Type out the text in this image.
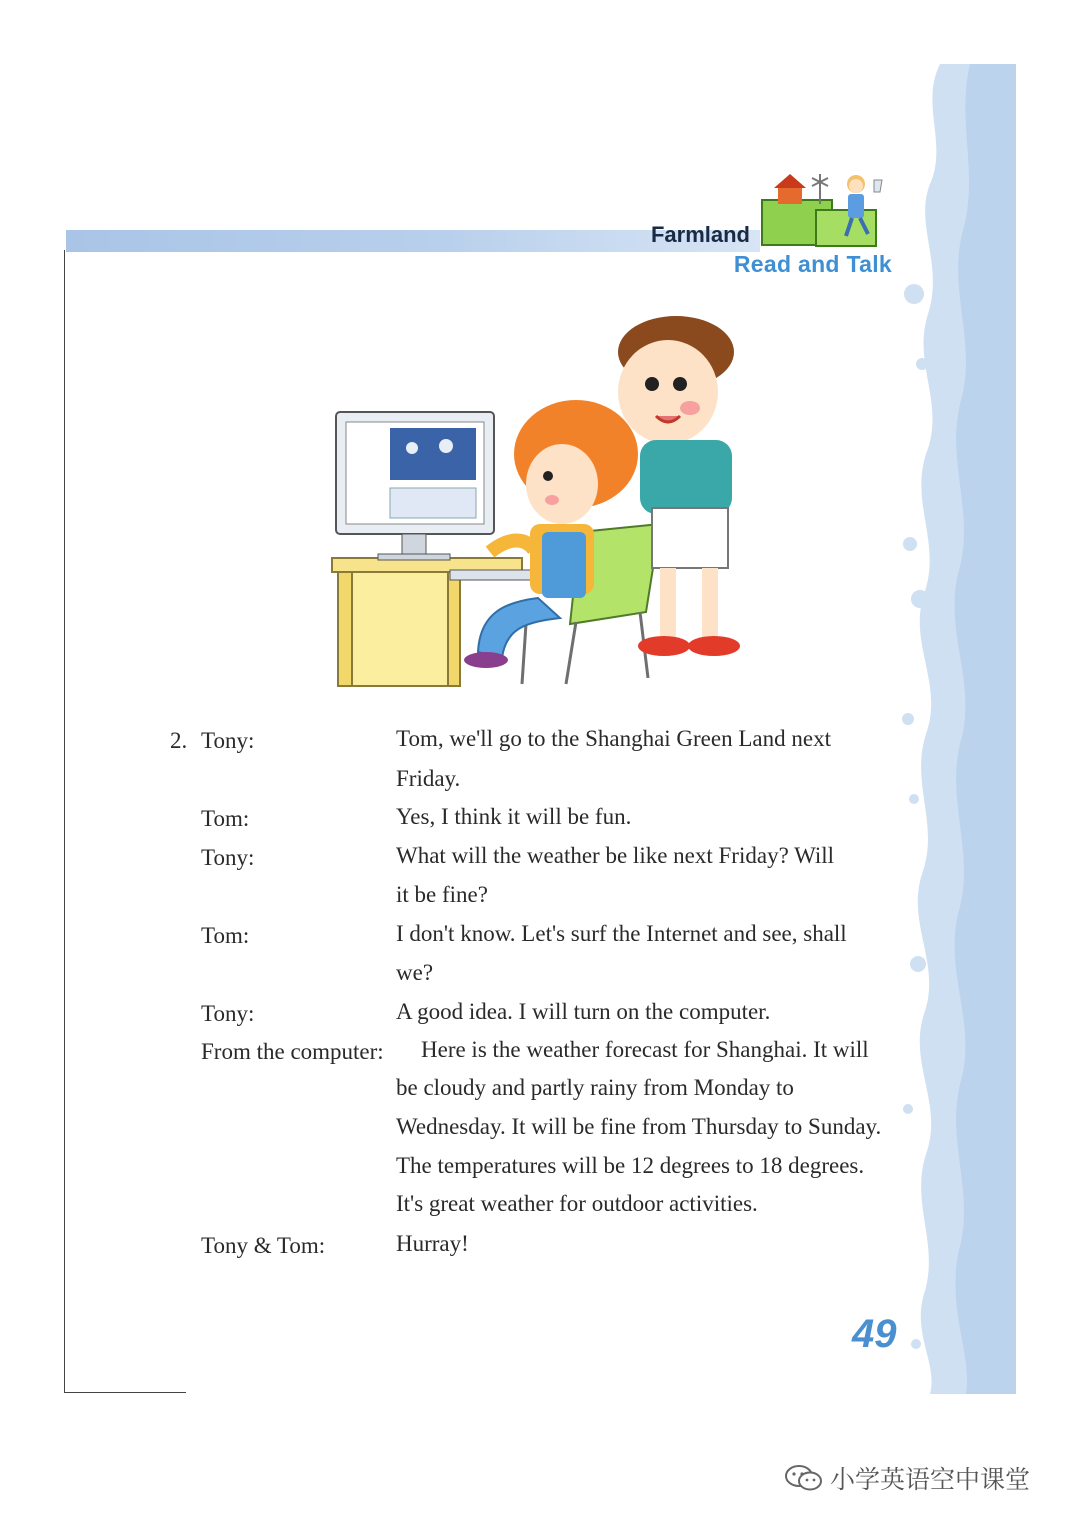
Farmland
Read and Talk
2. Tony:	Tom, we'll go to the Shanghai Green Land next
Friday.
Tom:	Yes, I think it will be fun.
Tony:	What will the weather be like next Friday? Will
it be fine?
Tom:	I don't know. Let's surf the Internet and see, shall
we?
Tony:	A good idea. I will turn on the computer.
From the computer: Here is the weather forecast for Shanghai. It will
be cloudy and partly rainy from Monday to
Wednesday. It will be fine from Thursday to Sunday.
The temperatures will be 12 degrees to 18 degrees.
It's great weather for outdoor activities.
Tony & Tom:	Hurray!
49
小学英语空中课堂
